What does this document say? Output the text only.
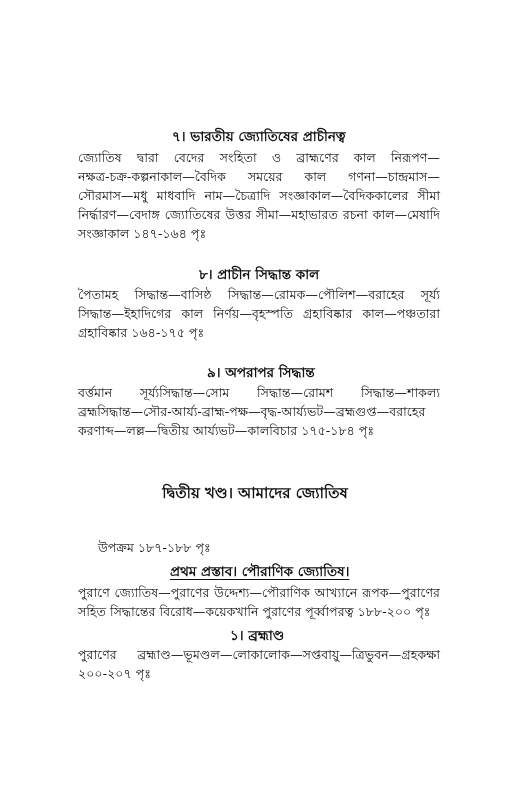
৭। ভারতীয় জ্যোতিষের প্রাচীনত্ব
জ্যোতিষ দ্বারা বেদের সংহিতা ও ব্রাহ্মণের কাল নিরূপণ—
নক্ষত্র-চক্র-কল্পনাকাল—বৈদিক সময়ের কাল গণনা—চান্দ্রমাস—
সৌরমাস—মধু মাধবাদি নাম—চৈত্রাদি সংজ্ঞাকাল—বৈদিককালের সীমা
নির্দ্ধারণ—বেদাঙ্গ জ্যোতিষের উত্তর সীমা—মহাভারত রচনা কাল—মেষাদি
সংজ্ঞাকাল ১৪৭-১৬৪ পৃঃ
৮। প্রাচীন সিদ্ধান্ত কাল
পৈতামহ সিদ্ধান্ত—বাসিষ্ঠ সিদ্ধান্ত—রোমক—পৌলিশ—বরাহের সূর্য্য
সিদ্ধান্ত—ইহাদিগের কাল নির্ণয়—বৃহস্পতি গ্রহাবিষ্কার কাল—পঞ্চতারা
গ্রহাবিষ্কার ১৬৪-১৭৫ পৃঃ
৯। অপরাপর সিদ্ধান্ত
বর্ত্তমান সূর্য্যসিদ্ধান্ত—সোম সিদ্ধান্ত—রোমশ সিদ্ধান্ত—শাকল্য
ব্রহ্মসিদ্ধান্ত—সৌর-আর্য্য-ব্রাহ্ম-পক্ষ—বৃদ্ধ-আর্য্যভট—ব্রহ্মগুপ্ত—বরাহের
করণাব্দ—লল্ল—দ্বিতীয় আর্য্যভট—কালবিচার ১৭৫-১৮৪ পৃঃ
দ্বিতীয় খণ্ড। আমাদের জ্যোতিষ
উপক্রম ১৮৭-১৮৮ পৃঃ
প্রথম প্রস্তাব। পৌরাণিক জ্যোতিষ।
পুরাণে জ্যোতিষ—পুরাণের উদ্দেশ্য—পৌরাণিক আখ্যানে রূপক—পুরাণের
সহিত সিদ্ধান্তের বিরোধ—কয়েকখানি পুরাণের পূর্ব্বাপরত্ব ১৮৮-২০০ পৃঃ
১। ব্রহ্মাণ্ড
পুরাণের ব্রহ্মাণ্ড—ভূমণ্ডল—লোকালোক—সপ্তবায়ু—ত্রিভুবন—গ্রহকক্ষা
২০০-২০৭ পৃঃ
